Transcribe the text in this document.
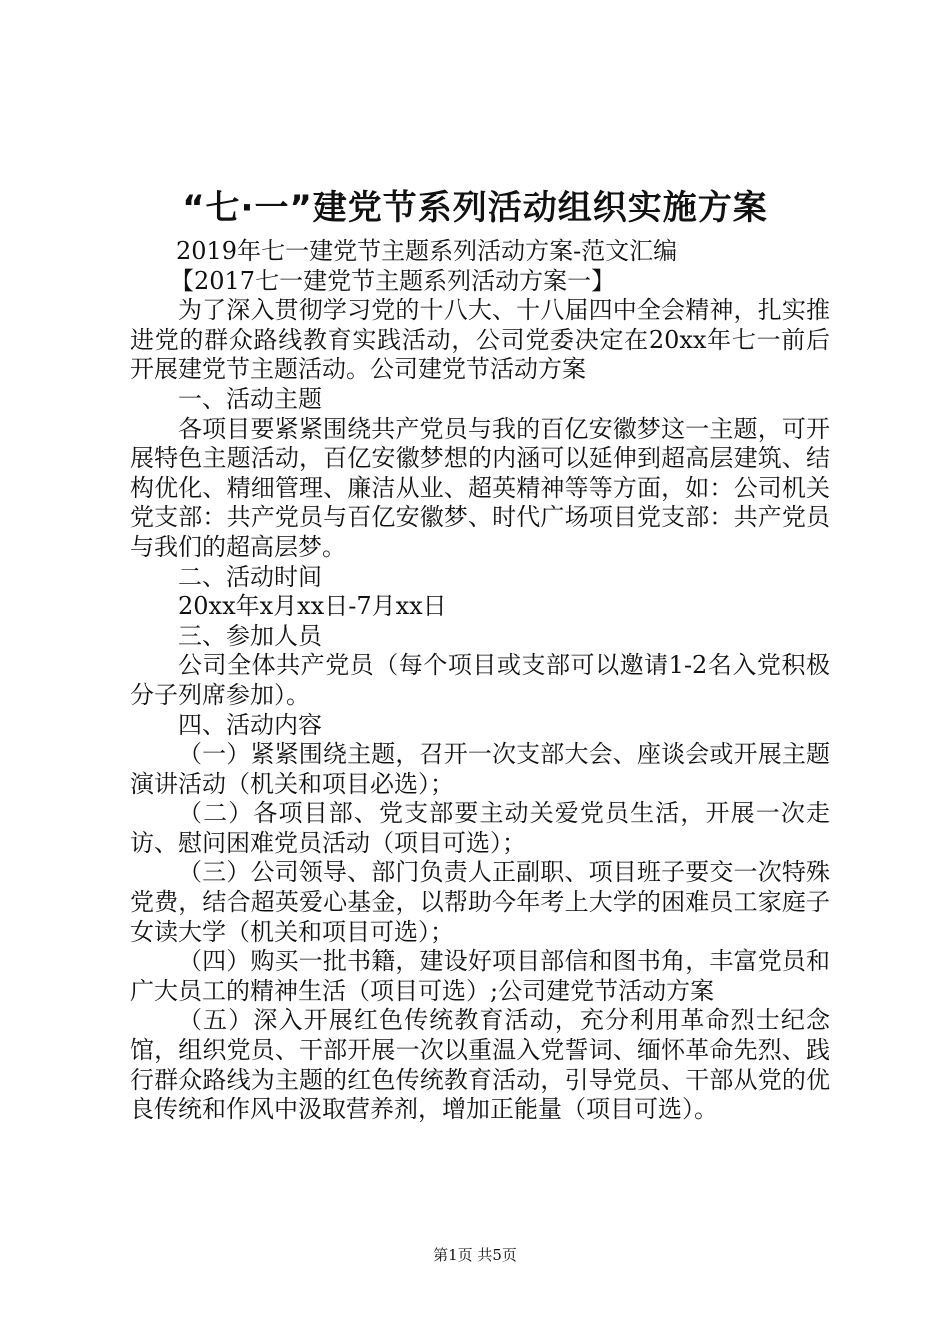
“七·一”建党节系列活动组织实施方案

2019年七一建党节主题系列活动方案-范文汇编

【2017七一建党节主题系列活动方案一】

为了深入贯彻学习党的十八大、十八届四中全会精神，扎实推进党的群众路线教育实践活动，公司党委决定在20xx年七一前后开展建党节主题活动。公司建党节活动方案

一、活动主题

各项目要紧紧围绕共产党员与我的百亿安徽梦这一主题，可开展特色主题活动，百亿安徽梦想的内涵可以延伸到超高层建筑、结构优化、精细管理、廉洁从业、超英精神等等方面，如：公司机关党支部：共产党员与百亿安徽梦、时代广场项目党支部：共产党员与我们的超高层梦。

二、活动时间

20xx年x月xx日-7月xx日

三、参加人员

公司全体共产党员（每个项目或支部可以邀请1-2名入党积极分子列席参加）。

四、活动内容

（一）紧紧围绕主题，召开一次支部大会、座谈会或开展主题演讲活动（机关和项目必选）；

（二）各项目部、党支部要主动关爱党员生活，开展一次走访、慰问困难党员活动（项目可选）；

（三）公司领导、部门负责人正副职、项目班子要交一次特殊党费，结合超英爱心基金，以帮助今年考上大学的困难员工家庭子女读大学（机关和项目可选）；

（四）购买一批书籍，建设好项目部信和图书角，丰富党员和广大员工的精神生活（项目可选）;公司建党节活动方案

（五）深入开展红色传统教育活动，充分利用革命烈士纪念馆，组织党员、干部开展一次以重温入党誓词、缅怀革命先烈、践行群众路线为主题的红色传统教育活动，引导党员、干部从党的优良传统和作风中汲取营养剂，增加正能量（项目可选）。

第1页 共5页
